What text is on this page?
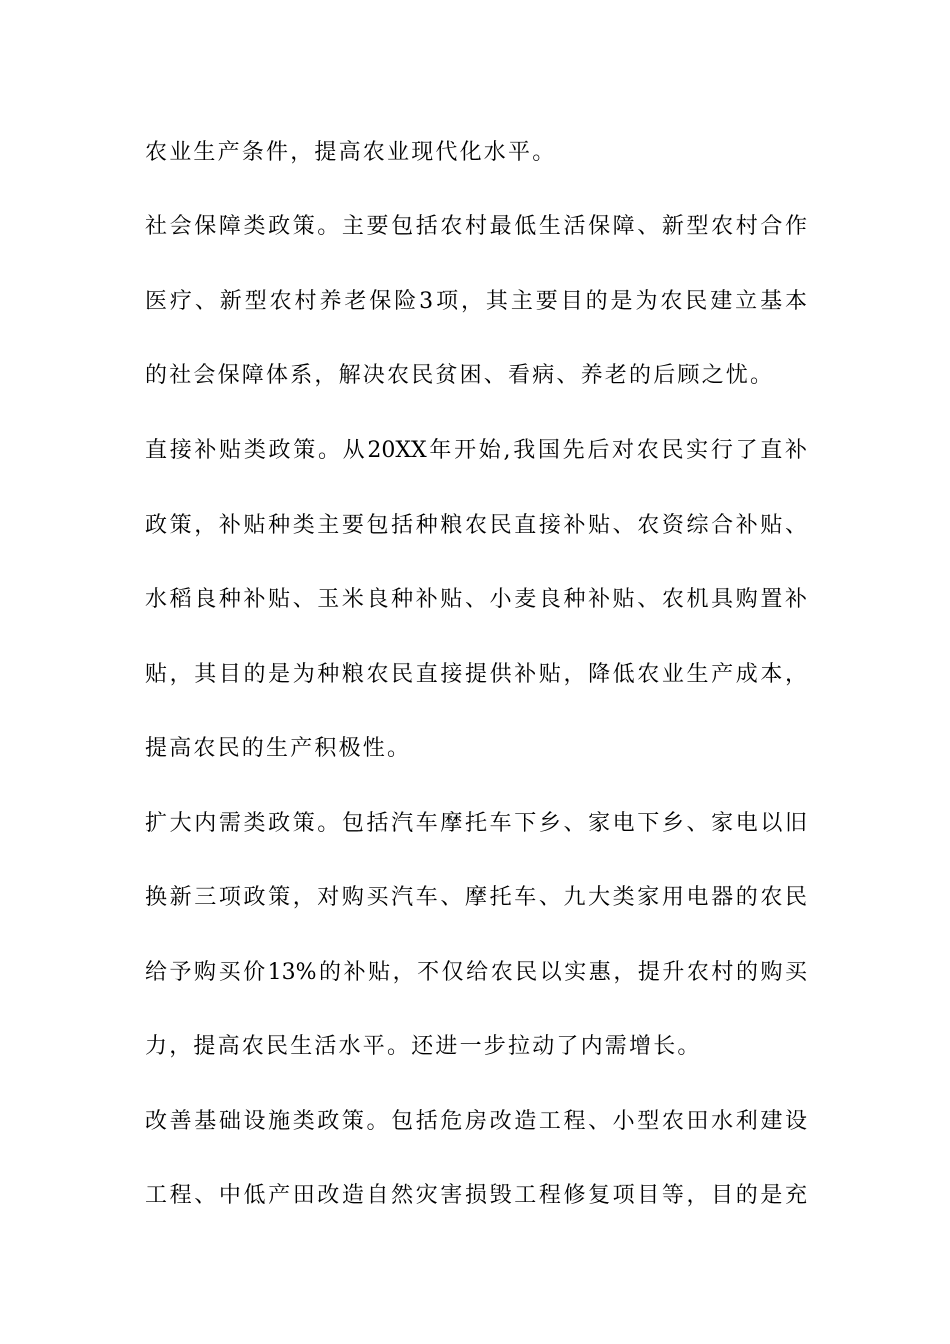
农业生产条件，提高农业现代化水平。
社会保障类政策。主要包括农村最低生活保障、新型农村合作
医疗、新型农村养老保险3项，其主要目的是为农民建立基本
的社会保障体系，解决农民贫困、看病、养老的后顾之忧。
直接补贴类政策。从20XX年开始,我国先后对农民实行了直补
政策，补贴种类主要包括种粮农民直接补贴、农资综合补贴、
水稻良种补贴、玉米良种补贴、小麦良种补贴、农机具购置补
贴，其目的是为种粮农民直接提供补贴，降低农业生产成本，
提高农民的生产积极性。
扩大内需类政策。包括汽车摩托车下乡、家电下乡、家电以旧
换新三项政策，对购买汽车、摩托车、九大类家用电器的农民
给予购买价13%的补贴，不仅给农民以实惠，提升农村的购买
力，提高农民生活水平。还进一步拉动了内需增长。
改善基础设施类政策。包括危房改造工程、小型农田水利建设
工程、中低产田改造自然灾害损毁工程修复项目等，目的是充
